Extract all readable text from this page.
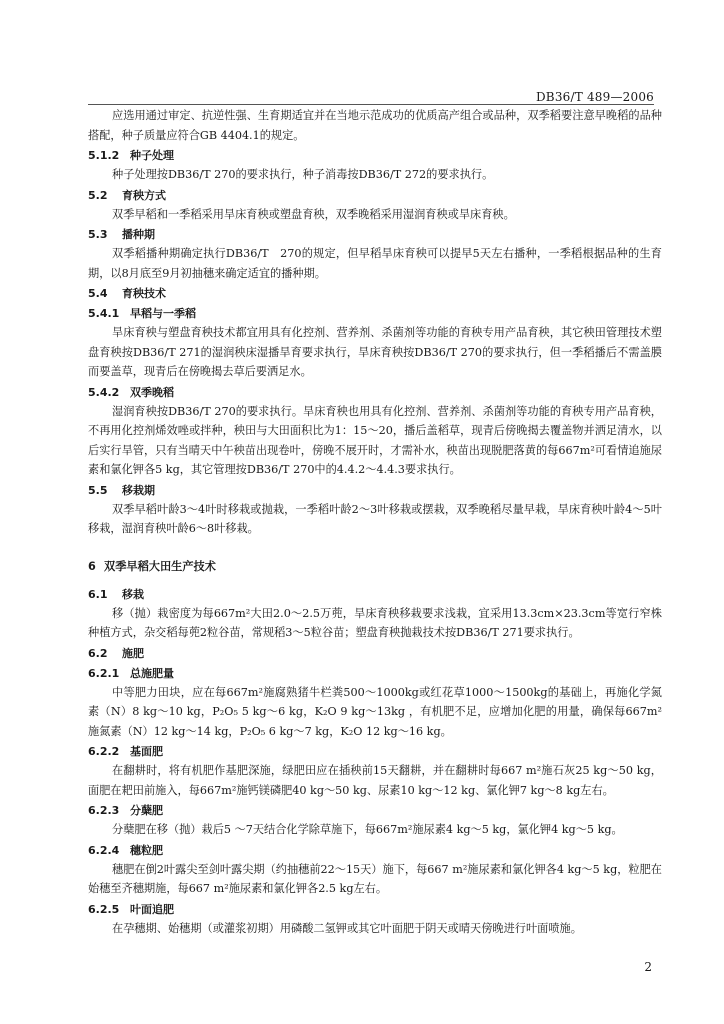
DB36/T 489—2006

应选用通过审定、抗逆性强、生育期适宜并在当地示范成功的优质高产组合或品种，双季稻要注意早晚稻的品种搭配，种子质量应符合GB 4404.1的规定。

5.1.2 种子处理

种子处理按DB36/T 270的要求执行，种子消毒按DB36/T 272的要求执行。

5.2 育秧方式

双季早稻和一季稻采用旱床育秧或塑盘育秧，双季晚稻采用湿润育秧或旱床育秧。

5.3 播种期

双季稻播种期确定执行DB36/T　270的规定，但早稻旱床育秧可以提早5天左右播种，一季稻根据品种的生育期，以8月底至9月初抽穗来确定适宜的播种期。

5.4 育秧技术
5.4.1 早稻与一季稻

旱床育秧与塑盘育秧技术都宜用具有化控剂、营养剂、杀菌剂等功能的育秧专用产品育秧，其它秧田管理技术塑盘育秧按DB36/T 271的湿润秧床湿播旱育要求执行，旱床育秧按DB36/T 270的要求执行，但一季稻播后不需盖膜而要盖草，现青后在傍晚揭去草后要洒足水。

5.4.2 双季晚稻

湿润育秧按DB36/T 270的要求执行。旱床育秧也用具有化控剂、营养剂、杀菌剂等功能的育秧专用产品育秧，不再用化控剂烯效唑或拌种，秧田与大田面积比为1：15～20，播后盖稻草，现青后傍晚揭去覆盖物并洒足清水，以后实行旱管，只有当晴天中午秧苗出现卷叶，傍晚不展开时，才需补水，秧苗出现脱肥落黄的每667m²可看情追施尿素和氯化钾各5 kg，其它管理按DB36/T 270中的4.4.2～4.4.3要求执行。

5.5 移栽期

双季早稻叶龄3～4叶时移栽或抛栽，一季稻叶龄2～3叶移栽或摆栽，双季晚稻尽量早栽，旱床育秧叶龄4～5叶移栽，湿润育秧叶龄6～8叶移栽。

6 双季早稻大田生产技术
6.1 移栽

移（抛）栽密度为每667m²大田2.0～2.5万蔸，旱床育秧移栽要求浅栽，宜采用13.3cm×23.3cm等宽行窄株种植方式，杂交稻每蔸2粒谷苗，常规稻3～5粒谷苗；塑盘育秧抛栽技术按DB36/T 271要求执行。

6.2 施肥
6.2.1 总施肥量

中等肥力田块，应在每667m²施腐熟猪牛栏粪500～1000kg或红花草1000～1500kg的基础上，再施化学氮素（N）8 kg～10 kg，P₂O₅ 5 kg～6 kg，K₂O 9 kg～13kg ，有机肥不足，应增加化肥的用量，确保每667m²施氮素（N）12 kg～14 kg，P₂O₅ 6 kg～7 kg，K₂O 12 kg～16 kg。

6.2.2 基面肥

在翻耕时，将有机肥作基肥深施，绿肥田应在插秧前15天翻耕，并在翻耕时每667 m²施石灰25 kg～50 kg，面肥在耙田前施入，每667m²施钙镁磷肥40 kg～50 kg、尿素10 kg～12 kg、氯化钾7 kg～8 kg左右。

6.2.3 分蘖肥

分蘖肥在移（抛）栽后5 ～7天结合化学除草施下，每667m²施尿素4 kg～5 kg，氯化钾4 kg～5 kg。

6.2.4 穗粒肥

穗肥在倒2叶露尖至剑叶露尖期（约抽穗前22～15天）施下，每667 m²施尿素和氯化钾各4 kg～5 kg，粒肥在始穗至齐穗期施，每667 m²施尿素和氯化钾各2.5 kg左右。

6.2.5 叶面追肥

在孕穗期、始穗期（或灌浆初期）用磷酸二氢钾或其它叶面肥于阴天或晴天傍晚进行叶面喷施。

2
